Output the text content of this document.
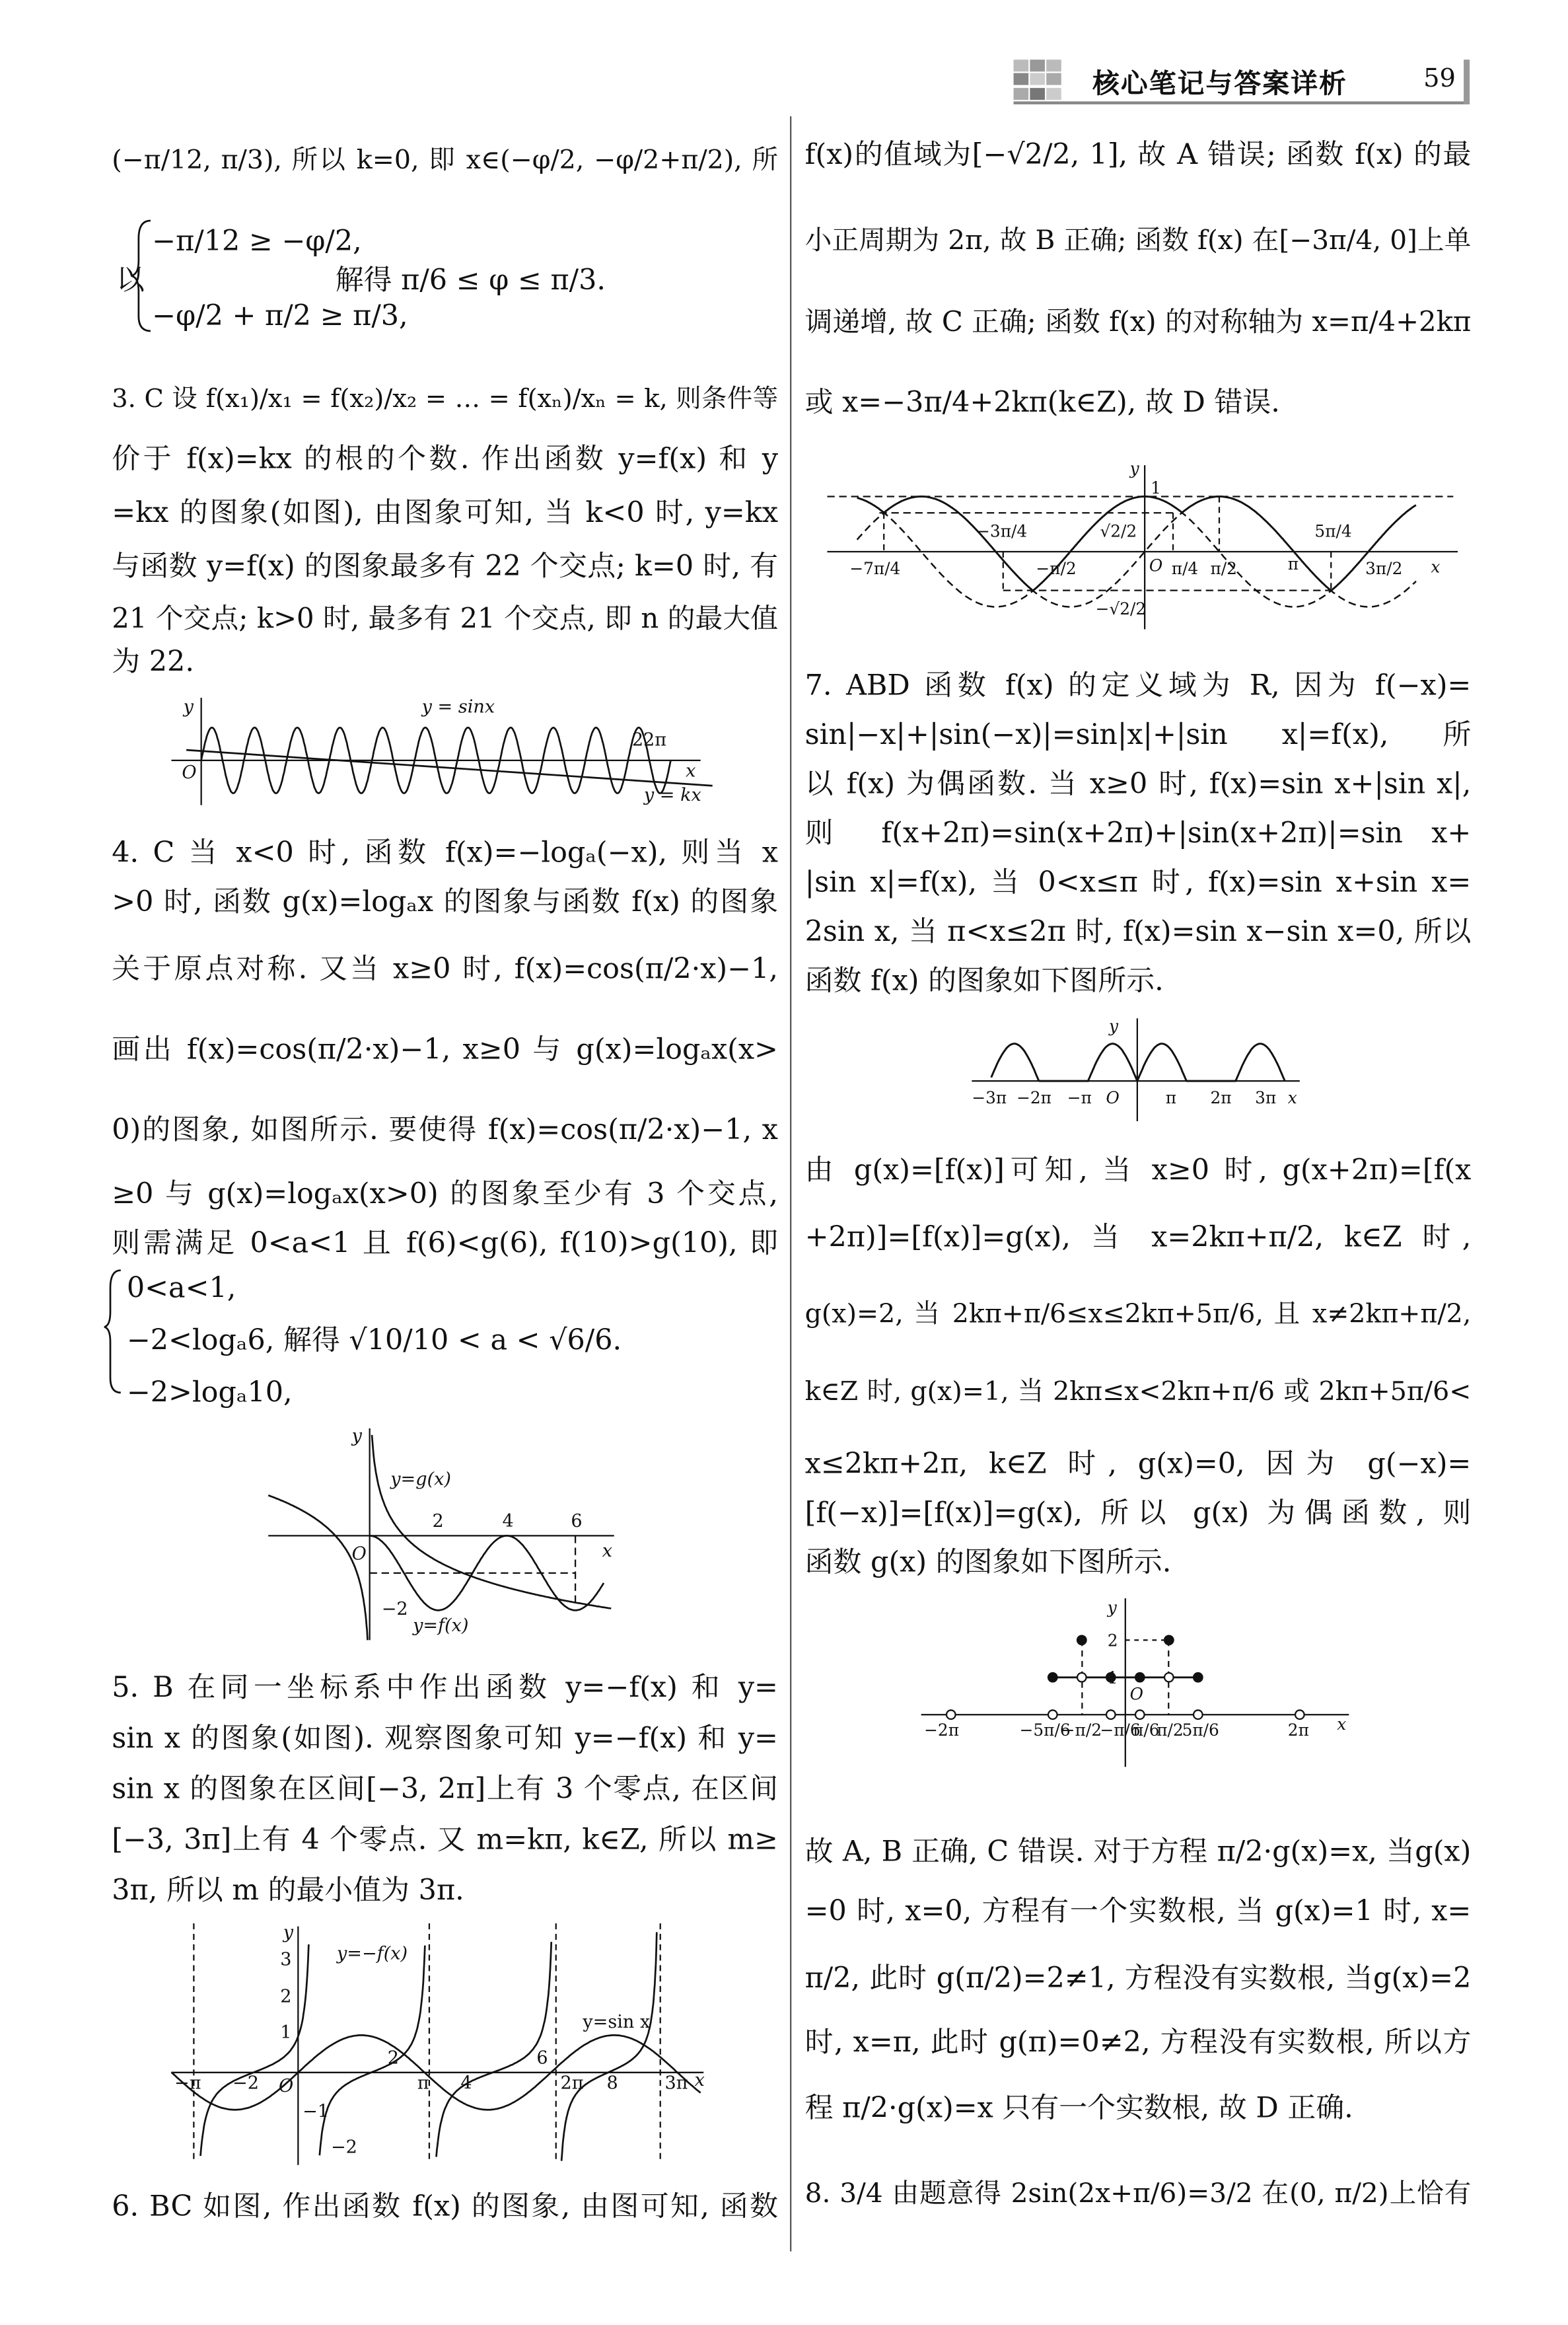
核心笔记与答案详析	59
(−π/12, π/3), 所以 k=0, 即 x∈(−φ/2, −φ/2+π/2), 所
以
−π/12 ≥ −φ/2,
−φ/2 + π/2 ≥ π/3,
解得 π/6 ≤ φ ≤ π/3.
3. C 设 f(x₁)/x₁ = f(x₂)/x₂ = … = f(xₙ)/xₙ = k, 则条件等
价于 f(x)=kx 的根的个数. 作出函数 y=f(x) 和 y
=kx 的图象(如图), 由图象可知, 当 k<0 时, y=kx
与函数 y=f(x) 的图象最多有 22 个交点; k=0 时, 有
21 个交点; k>0 时, 最多有 21 个交点, 即 n 的最大值
为 22.
4. C 当 x<0 时, 函数 f(x)=−logₐ(−x), 则当 x
>0 时, 函数 g(x)=logₐx 的图象与函数 f(x) 的图象
关于原点对称. 又当 x≥0 时, f(x)=cos(π/2·x)−1,
画出 f(x)=cos(π/2·x)−1, x≥0 与 g(x)=logₐx(x>
0)的图象, 如图所示. 要使得 f(x)=cos(π/2·x)−1, x
≥0 与 g(x)=logₐx(x>0) 的图象至少有 3 个交点,
则需满足 0<a<1 且 f(6)<g(6), f(10)>g(10), 即
0<a<1,
−2<logₐ6, 解得 √10/10 < a < √6/6.
−2>logₐ10,
5. B 在同一坐标系中作出函数 y=−f(x) 和 y=
sin x 的图象(如图). 观察图象可知 y=−f(x) 和 y=
sin x 的图象在区间[−3, 2π]上有 3 个零点, 在区间
[−3, 3π]上有 4 个零点. 又 m=kπ, k∈Z, 所以 m≥
3π, 所以 m 的最小值为 3π.
6. BC 如图, 作出函数 f(x) 的图象, 由图可知, 函数
f(x)的值域为[−√2/2, 1], 故 A 错误; 函数 f(x) 的最
小正周期为 2π, 故 B 正确; 函数 f(x) 在[−3π/4, 0]上单
调递增, 故 C 正确; 函数 f(x) 的对称轴为 x=π/4+2kπ
或 x=−3π/4+2kπ(k∈Z), 故 D 错误.
7. ABD 函数 f(x) 的定义域为 R, 因为 f(−x)=
sin|−x|+|sin(−x)|=sin|x|+|sin x|=f(x), 所
以 f(x) 为偶函数. 当 x≥0 时, f(x)=sin x+|sin x|,
则 f(x+2π)=sin(x+2π)+|sin(x+2π)|=sin x+
|sin x|=f(x), 当 0<x≤π 时, f(x)=sin x+sin x=
2sin x, 当 π<x≤2π 时, f(x)=sin x−sin x=0, 所以
函数 f(x) 的图象如下图所示.
由 g(x)=[f(x)]可知, 当 x≥0 时, g(x+2π)=[f(x
+2π)]=[f(x)]=g(x), 当 x=2kπ+π/2, k∈Z 时,
g(x)=2, 当 2kπ+π/6≤x≤2kπ+5π/6, 且 x≠2kπ+π/2,
k∈Z 时, g(x)=1, 当 2kπ≤x<2kπ+π/6 或 2kπ+5π/6<
x≤2kπ+2π, k∈Z 时, g(x)=0, 因为 g(−x)=
[f(−x)]=[f(x)]=g(x), 所以 g(x) 为偶函数, 则
函数 g(x) 的图象如下图所示.
故 A, B 正确, C 错误. 对于方程 π/2·g(x)=x, 当g(x)
=0 时, x=0, 方程有一个实数根, 当 g(x)=1 时, x=
π/2, 此时 g(π/2)=2≠1, 方程没有实数根, 当g(x)=2
时, x=π, 此时 g(π)=0≠2, 方程没有实数根, 所以方
程 π/2·g(x)=x 只有一个实数根, 故 D 正确.
8. 3/4 由题意得 2sin(2x+π/6)=3/2 在(0, π/2)上恰有
y	y = sinx
22π
x
O
y = kx
y
y=g(x)
2	4	6
x
O
−2
y=f(x)
y
y=−f(x)
3
2
1
−1
−2
y=sin x
−π	−2	O
2
π	4
6
2π	8	3π x
y
1
√2/2
−√2/2
−3π/4
−7π/4	−π/2	O π/4 π/2	π
5π/4
3π/2	x
y
−3π −2π −π O	π	2π	3π x
y
2
1
O
−2π	−5π/6
−π/2
−π/6
π/6
π/2
5π/6	2π	x
